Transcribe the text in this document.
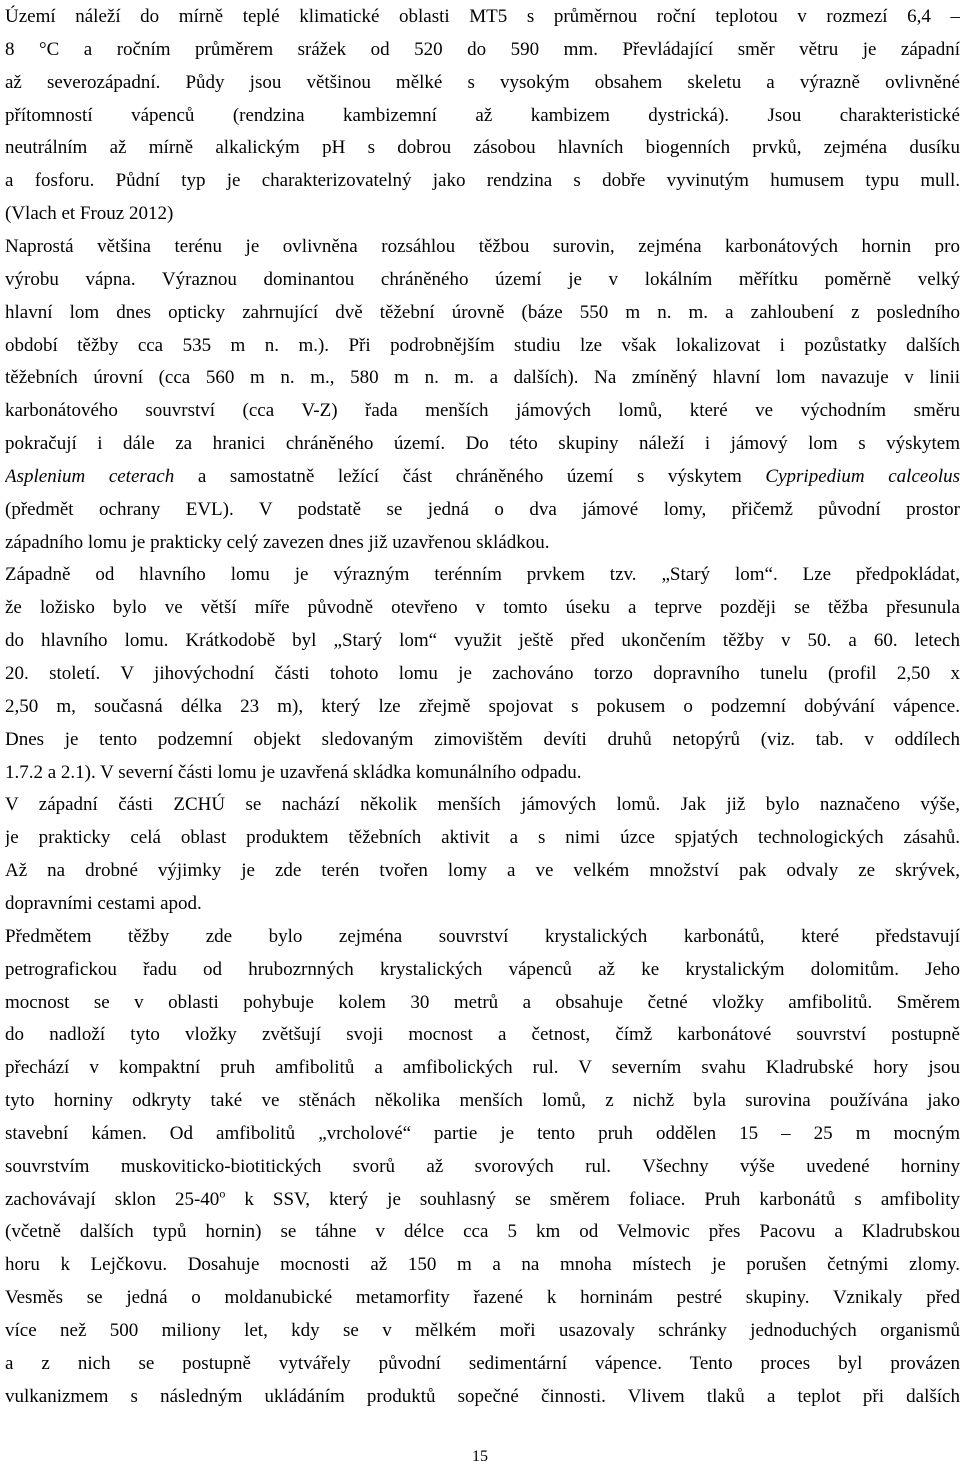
Území náleží do mírně teplé klimatické oblasti MT5 s průměrnou roční teplotou v rozmezí 6,4 –
8 °C a ročním průměrem srážek od 520 do 590 mm. Převládající směr větru je západní
až severozápadní. Půdy jsou většinou mělké s vysokým obsahem skeletu a výrazně ovlivněné
přítomností vápenců (rendzina kambizemní až kambizem dystrická). Jsou charakteristické
neutrálním až mírně alkalickým pH s dobrou zásobou hlavních biogenních prvků, zejména dusíku
a fosforu. Půdní typ je charakterizovatelný jako rendzina s dobře vyvinutým humusem typu mull.
(Vlach et Frouz 2012)
Naprostá většina terénu je ovlivněna rozsáhlou těžbou surovin, zejména karbonátových hornin pro
výrobu vápna. Výraznou dominantou chráněného území je v lokálním měřítku poměrně velký
hlavní lom dnes opticky zahrnující dvě těžební úrovně (báze 550 m n. m. a zahloubení z posledního
období těžby cca 535 m n. m.). Při podrobnějším studiu lze však lokalizovat i pozůstatky dalších
těžebních úrovní (cca 560 m n. m., 580 m n. m. a dalších). Na zmíněný hlavní lom navazuje v linii
karbonátového souvrství (cca V-Z) řada menších jámových lomů, které ve východním směru
pokračují i dále za hranici chráněného území. Do této skupiny náleží i jámový lom s výskytem
Asplenium ceterach a samostatně ležící část chráněného území s výskytem Cypripedium calceolus
(předmět ochrany EVL). V podstatě se jedná o dva jámové lomy, přičemž původní prostor
západního lomu je prakticky celý zavezen dnes již uzavřenou skládkou.
Západně od hlavního lomu je výrazným terénním prvkem tzv. „Starý lom“. Lze předpokládat,
že ložisko bylo ve větší míře původně otevřeno v tomto úseku a teprve později se těžba přesunula
do hlavního lomu. Krátkodobě byl „Starý lom“ využit ještě před ukončením těžby v 50. a 60. letech
20. století. V jihovýchodní části tohoto lomu je zachováno torzo dopravního tunelu (profil 2,50 x
2,50 m, současná délka 23 m), který lze zřejmě spojovat s pokusem o podzemní dobývání vápence.
Dnes je tento podzemní objekt sledovaným zimovištěm devíti druhů netopýrů (viz. tab. v oddílech
1.7.2 a 2.1). V severní části lomu je uzavřená skládka komunálního odpadu.
V západní části ZCHÚ se nachází několik menších jámových lomů. Jak již bylo naznačeno výše,
je prakticky celá oblast produktem těžebních aktivit a s nimi úzce spjatých technologických zásahů.
Až na drobné výjimky je zde terén tvořen lomy a ve velkém množství pak odvaly ze skrývek,
dopravními cestami apod.
Předmětem těžby zde bylo zejména souvrství krystalických karbonátů, které představují
petrografickou řadu od hrubozrnných krystalických vápenců až ke krystalickým dolomitům. Jeho
mocnost se v oblasti pohybuje kolem 30 metrů a obsahuje četné vložky amfibolitů. Směrem
do nadloží tyto vložky zvětšují svoji mocnost a četnost, čímž karbonátové souvrství postupně
přechází v kompaktní pruh amfibolitů a amfibolických rul. V severním svahu Kladrubské hory jsou
tyto horniny odkryty také ve stěnách několika menších lomů, z nichž byla surovina používána jako
stavební kámen. Od amfibolitů „vrcholové“ partie je tento pruh oddělen 15 – 25 m mocným
souvrstvím muskoviticko-biotitických svorů až svorových rul. Všechny výše uvedené horniny
zachovávají sklon 25-40$^o$ k SSV, který je souhlasný se směrem foliace. Pruh karbonátů s amfibolity
(včetně dalších typů hornin) se táhne v délce cca 5 km od Velmovic přes Pacovu a Kladrubskou
horu k Lejčkovu. Dosahuje mocnosti až 150 m a na mnoha místech je porušen četnými zlomy.
Vesměs se jedná o moldanubické metamorfity řazené k horninám pestré skupiny. Vznikaly před
více než 500 miliony let, kdy se v mělkém moři usazovaly schránky jednoduchých organismů
a z nich se postupně vytvářely původní sedimentární vápence. Tento proces byl provázen
vulkanizmem s následným ukládáním produktů sopečné činnosti. Vlivem tlaků a teplot při dalších
15
